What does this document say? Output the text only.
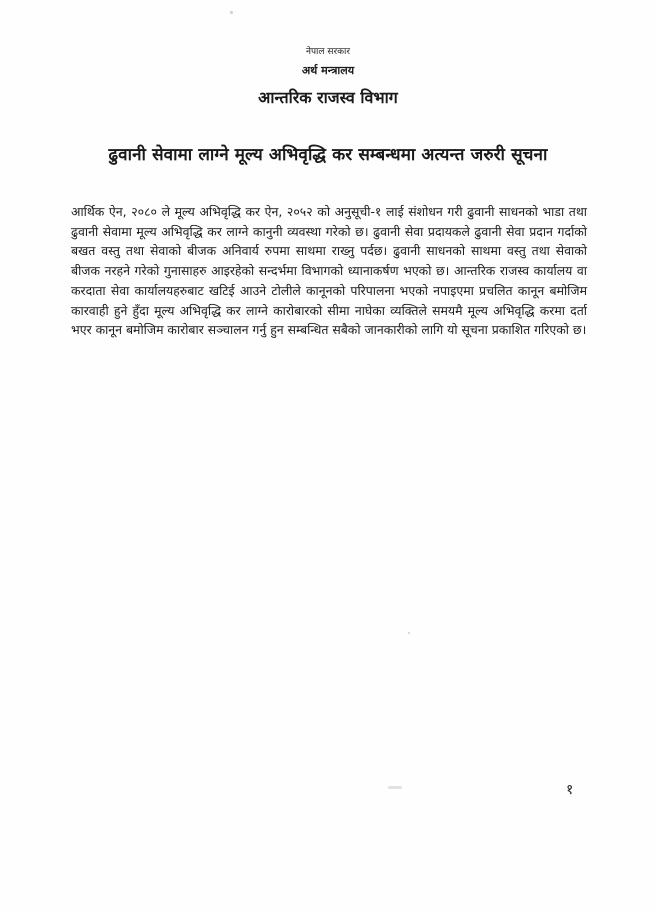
नेपाल सरकार
अर्थ मन्त्रालय
आन्तरिक राजस्व विभाग
ढुवानी सेवामा लाग्ने मूल्य अभिवृद्धि कर सम्बन्धमा अत्यन्त जरुरी सूचना

आर्थिक ऐन, २०८० ले मूल्य अभिवृद्धि कर ऐन, २०५२ को अनुसूची-१ लाई संशोधन गरी ढुवानी साधनको भाडा तथा ढुवानी सेवामा मूल्य अभिवृद्धि कर लाग्ने कानुनी व्यवस्था गरेको छ। ढुवानी सेवा प्रदायकले ढुवानी सेवा प्रदान गर्दाको बखत वस्तु तथा सेवाको बीजक अनिवार्य रुपमा साथमा राख्नु पर्दछ। ढुवानी साधनको साथमा वस्तु तथा सेवाको बीजक नरहने गरेको गुनासाहरु आइरहेको सन्दर्भमा विभागको ध्यानाकर्षण भएको छ। आन्तरिक राजस्व कार्यालय वा करदाता सेवा कार्यालयहरुबाट खटिई आउने टोलीले कानूनको परिपालना भएको नपाइएमा प्रचलित कानून बमोजिम कारवाही हुने हुँदा मूल्य अभिवृद्धि कर लाग्ने कारोबारको सीमा नाघेका व्यक्तिले समयमै मूल्य अभिवृद्धि करमा दर्ता भएर कानून बमोजिम कारोबार सञ्चालन गर्नु हुन सम्बन्धित सबैको जानकारीको लागि यो सूचना प्रकाशित गरिएको छ।

१
